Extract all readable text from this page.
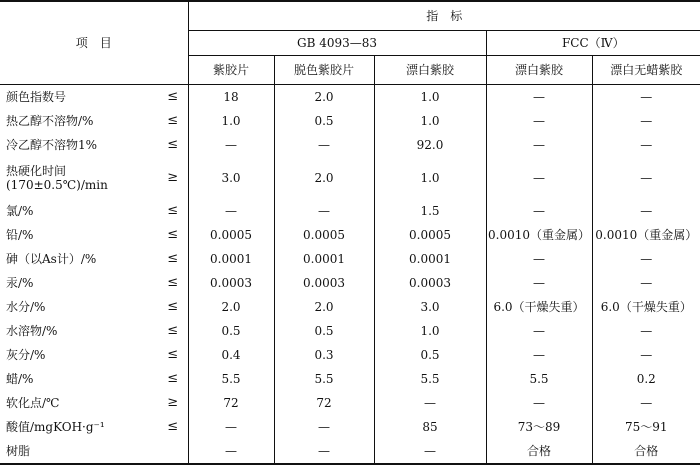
项　目		指　标				
		GB 4093—83			FCC（Ⅳ）	
		紫胶片	脱色紫胶片	漂白紫胶	漂白紫胶	漂白无蜡紫胶
颜色指数号	≤	18	2.0	1.0	—	—
热乙醇不溶物/%	≤	1.0	0.5	1.0	—	—
冷乙醇不溶物1%	≤	—	—	92.0	—	—

热硬化时间
(170±0.5℃)/min	≥	3.0	2.0	1.0	—	—
氯/%	≤	—	—	1.5	—	—
铅/%	≤	0.0005	0.0005	0.0005	0.0010（重金属）	0.0010（重金属）
砷（以As计）/%	≤	0.0001	0.0001	0.0001	—	—
汞/%	≤	0.0003	0.0003	0.0003	—	—
水分/%	≤	2.0	2.0	3.0	6.0（干燥失重）	6.0（干燥失重）
水溶物/%	≤	0.5	0.5	1.0	—	—
灰分/%	≤	0.4	0.3	0.5	—	—
蜡/%	≤	5.5	5.5	5.5	5.5	0.2
软化点/℃	≥	72	72	—	—	—
酸值/mgKOH·g⁻¹	≤	—	—	85	73～89	75～91
树脂		—	—	—	合格	合格
